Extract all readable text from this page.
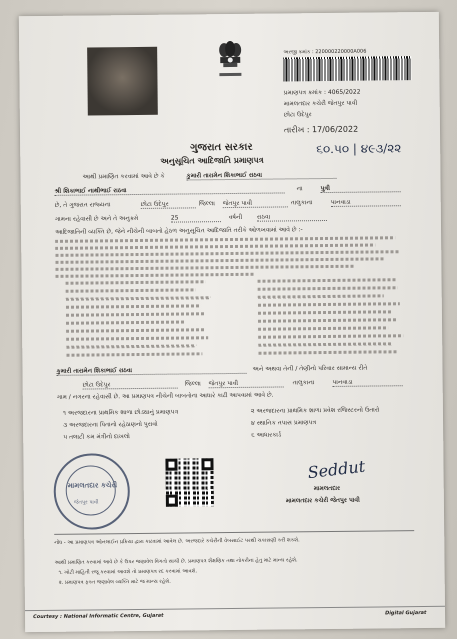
અરજી ક્રમાંક : 220000220000A006
પ્રમાણપત્ર ક્રમાંક : 4065/2022
મામલતદાર કચેરી જેતપુર પાવી
છોટા ઉદેપુર
તારીખ : 17/06/2022
૬૦.૫૦ | ૪૯૩/૨૨
ગુજરાત સરકાર
અનુસૂચિત આદિજાતિ પ્રમાણપત્ર
આથી પ્રમાણિત કરવામાં આવે છે કે	કુમારી તારામેન શિકાભાઈ રાઠવા
શ્રી શિકાભાઈ નાથીભાઈ રાઠવા	ના	પુત્રી
છે, તે ગુજરાત રાજ્યના	છોટા ઉદેપુર	જિલ્લા જેતપુર પાવી	તાલુકાના	પાનવાડા
ગામના રહેવાસી છે અને તે અનુક્રમે	25	વર્ષની રાઠવા
આદિજાતિની વ્યક્તિ છે, જેને નીચેની બાબતો હેઠળ અનુસૂચિત આદિજાતિ તરીકે ઓળખવામાં આવે છે :-
કુમારી તારામેન શિકાભાઈ રાઠવા	અને અથવા તેની / તેણીનો પરિવાર સામાન્ય રીતે
છોટા ઉદેપુર	જિલ્લા જેતપુર પાવી	તાલુકાના	પાનવાડા
ગામ / નગરના રહેવાસી છે. આ પ્રમાણપત્ર નીચેની બાબતોના આધારે કાઢી આપવામાં આવે છે.
૧ અરજદારના પ્રાથમિક શાળા છોડ્યાનું પ્રમાણપત્ર
૩ અરજદારના પિતાનો રહેઠાણનો પુરાવો
૫ તલાટી કમ મંત્રીનો દાખલો
૨ અરજદારના પ્રાથમિક શાળા પ્રવેશ રજિસ્ટરનો ઉતારો
૪ સ્થાનિક તપાસ પ્રમાણપત્ર
૬ આધારકાર્ડ
મામલતદાર કચેરી
જેતપુર પાવી
Seddut
મામલતદાર
મામલતદાર કચેરી જેતપુર પાવી
નોંધ - આ પ્રમાણપત્ર ઓનલાઈન પ્રક્રિયા દ્વારા કાઢવામાં આવેલ છે. અરજદારે કચેરીની વેબસાઈટ પરથી ચકાસણી કરી શકશે.
આથી પ્રમાણિત કરવામાં આવે છે કે ઉપર જણાવેલ વિગતો સાચી છે. પ્રમાણપત્ર શૈક્ષણિક તથા નોકરીના હેતુ માટે માન્ય રહેશે.
૧. ખોટી માહિતી રજૂ કરવામાં આવશે તો પ્રમાણપત્ર રદ કરવામાં આવશે.
૨. પ્રમાણપત્ર ફક્ત જણાવેલ વ્યક્તિ માટે જ માન્ય રહેશે.
Courtesy : National Informatic Centre, Gujarat	Digital Gujarat
